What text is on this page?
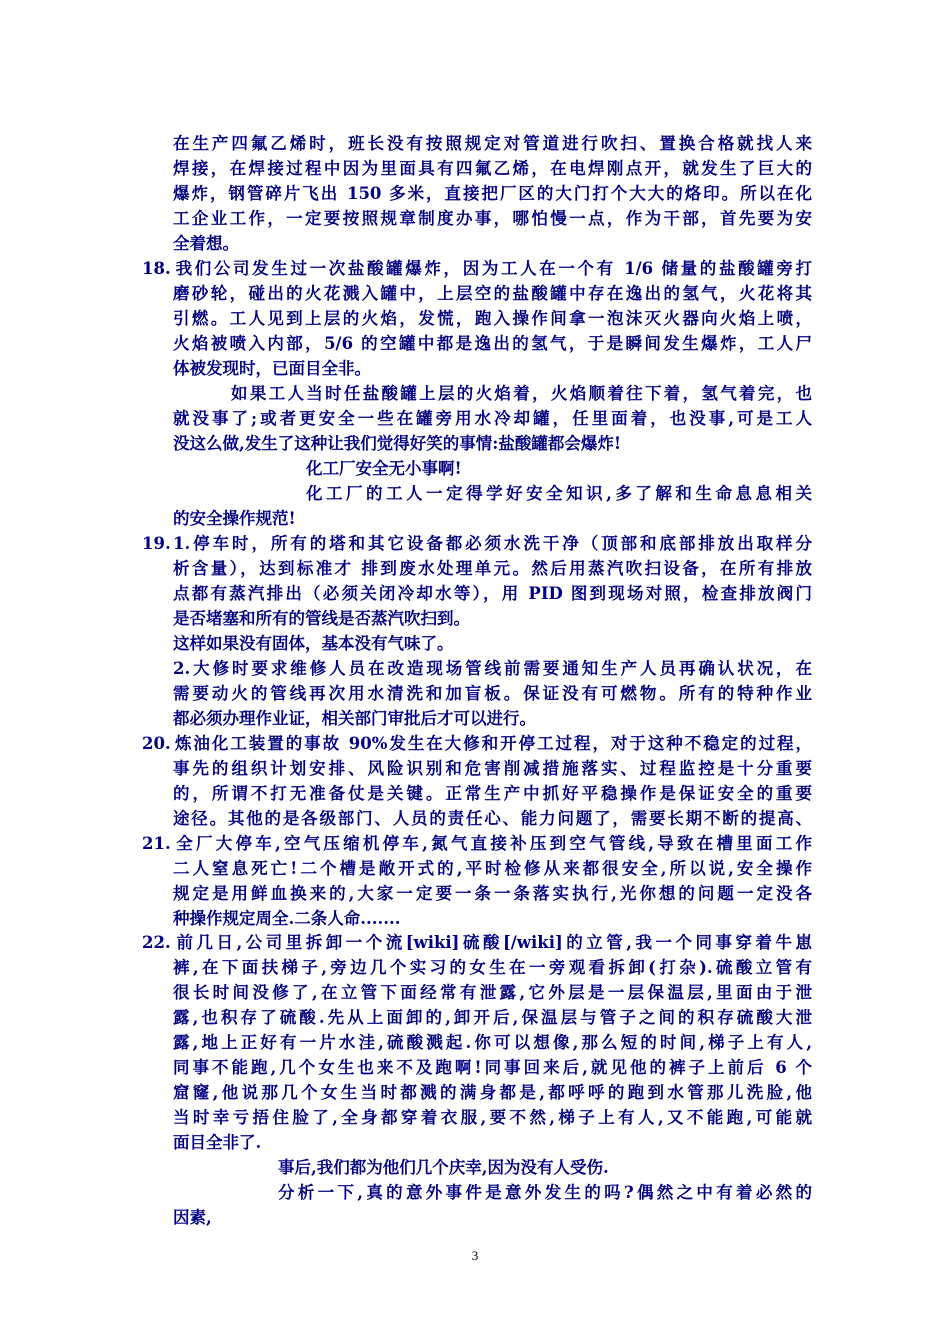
在生产四氟乙烯时，班长没有按照规定对管道进行吹扫、置换合格就找人来
焊接，在焊接过程中因为里面具有四氟乙烯，在电焊刚点开，就发生了巨大的
爆炸，钢管碎片飞出 150 多米，直接把厂区的大门打个大大的烙印。所以在化
工企业工作，一定要按照规章制度办事，哪怕慢一点，作为干部，首先要为安
全着想。
18. 我们公司发生过一次盐酸罐爆炸，因为工人在一个有 1/6 储量的盐酸罐旁打
磨砂轮，碰出的火花溅入罐中，上层空的盐酸罐中存在逸出的氢气，火花将其
引燃。工人见到上层的火焰，发慌，跑入操作间拿一泡沫灭火器向火焰上喷，
火焰被喷入内部，5/6 的空罐中都是逸出的氢气，于是瞬间发生爆炸，工人尸
体被发现时，已面目全非。
如果工人当时任盐酸罐上层的火焰着，火焰顺着往下着，氢气着完，也
就没事了;或者更安全一些在罐旁用水冷却罐，任里面着，也没事,可是工人
没这么做,发生了这种让我们觉得好笑的事情:盐酸罐都会爆炸!
化工厂安全无小事啊!
化工厂的工人一定得学好安全知识,多了解和生命息息相关
的安全操作规范!
19. 1.停车时，所有的塔和其它设备都必须水洗干净（顶部和底部排放出取样分
析含量），达到标准才 排到废水处理单元。然后用蒸汽吹扫设备，在所有排放
点都有蒸汽排出（必须关闭冷却水等），用 PID 图到现场对照，检查排放阀门
是否堵塞和所有的管线是否蒸汽吹扫到。
这样如果没有固体，基本没有气味了。
2.大修时要求维修人员在改造现场管线前需要通知生产人员再确认状况，在
需要动火的管线再次用水清洗和加盲板。保证没有可燃物。所有的特种作业
都必须办理作业证，相关部门审批后才可以进行。
20. 炼油化工装置的事故 90%发生在大修和开停工过程，对于这种不稳定的过程，
事先的组织计划安排、风险识别和危害削减措施落实、过程监控是十分重要
的，所谓不打无准备仗是关键。正常生产中抓好平稳操作是保证安全的重要
途径。其他的是各级部门、人员的责任心、能力问题了，需要长期不断的提高、
21. 全厂大停车,空气压缩机停车,氮气直接补压到空气管线,导致在槽里面工作
二人窒息死亡!二个槽是敞开式的,平时检修从来都很安全,所以说,安全操作
规定是用鲜血换来的,大家一定要一条一条落实执行,光你想的问题一定没各
种操作规定周全.二条人命.......
22. 前几日,公司里拆卸一个流[wiki]硫酸[/wiki]的立管,我一个同事穿着牛崽
裤,在下面扶梯子,旁边几个实习的女生在一旁观看拆卸(打杂).硫酸立管有
很长时间没修了,在立管下面经常有泄露,它外层是一层保温层,里面由于泄
露,也积存了硫酸.先从上面卸的,卸开后,保温层与管子之间的积存硫酸大泄
露,地上正好有一片水洼,硫酸溅起.你可以想像,那么短的时间,梯子上有人,
同事不能跑,几个女生也来不及跑啊!同事回来后,就见他的裤子上前后 6 个
窟窿,他说那几个女生当时都溅的满身都是,都呼呼的跑到水管那儿洗脸,他
当时幸亏捂住脸了,全身都穿着衣服,要不然,梯子上有人,又不能跑,可能就
面目全非了.
事后,我们都为他们几个庆幸,因为没有人受伤.
分析一下,真的意外事件是意外发生的吗?偶然之中有着必然的
因素,
3
